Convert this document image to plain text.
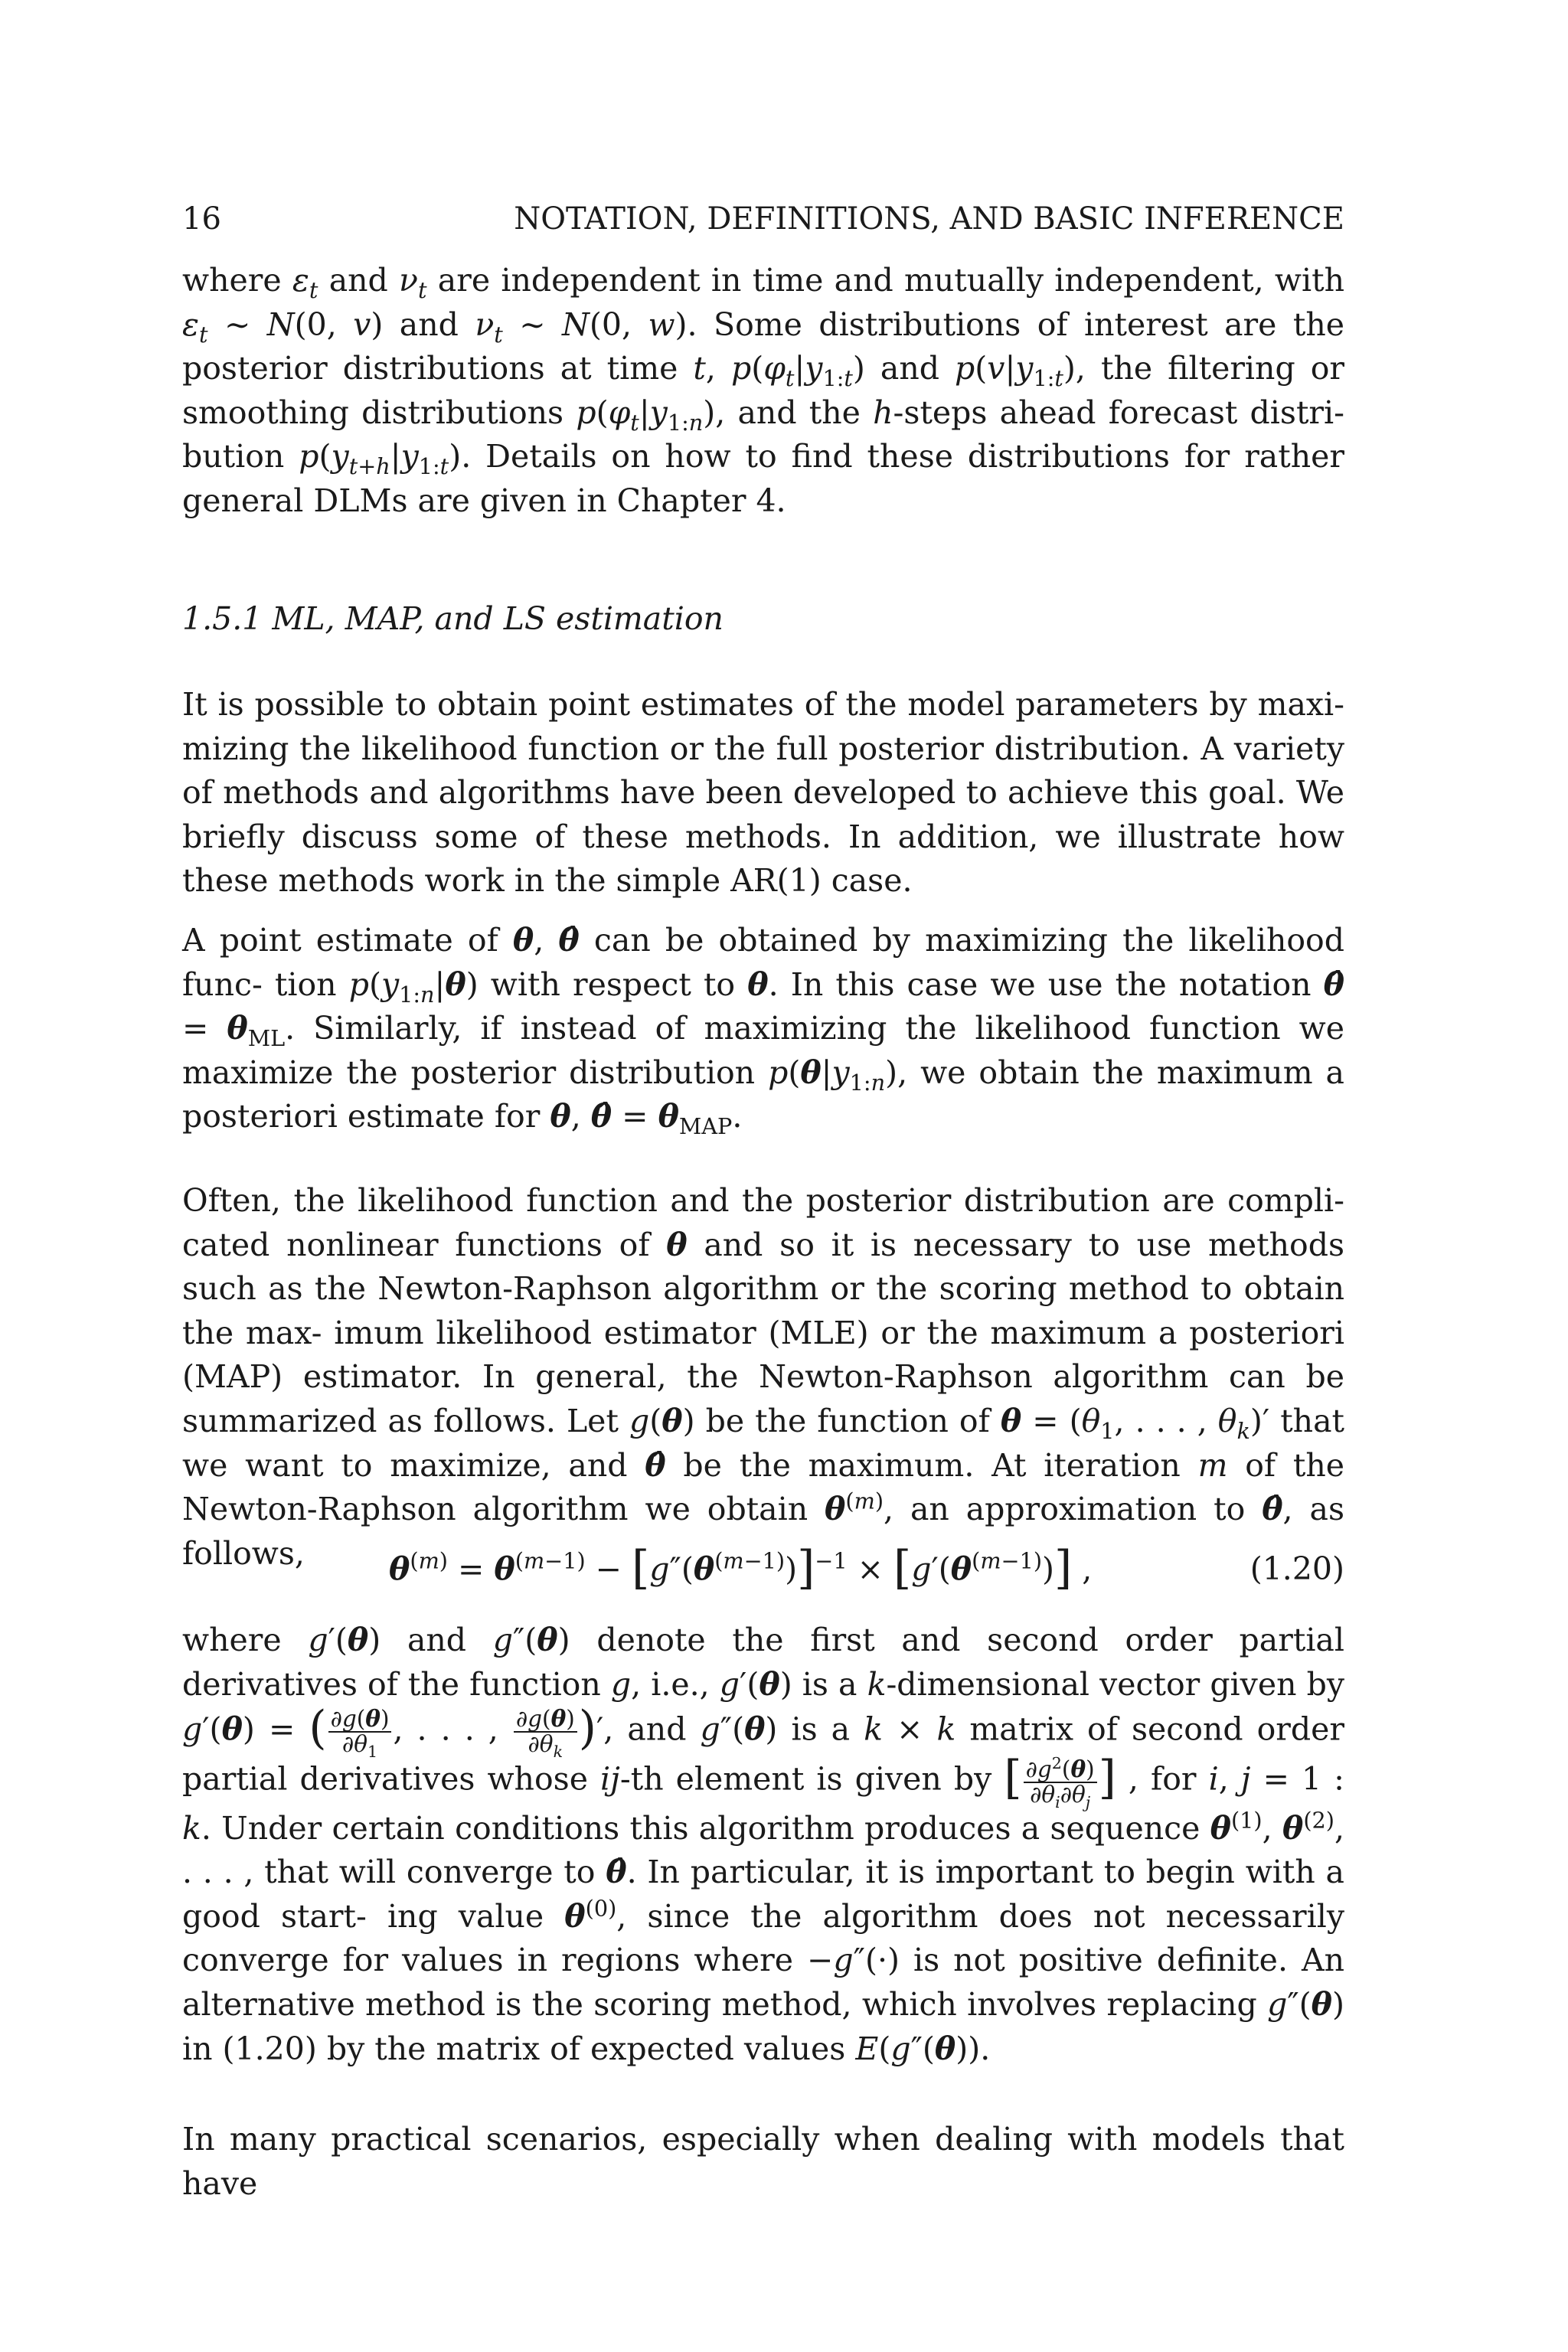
16	NOTATION, DEFINITIONS, AND BASIC INFERENCE
where $\varepsilon_t$ and $\nu_t$ are independent in time and mutually independent, with $\varepsilon_t$ ∼ N(0, v) and $\nu_t$ ∼ N(0, w). Some distributions of interest are the posterior distributions at time t, $p(\varphi_t|y_{1:t})$ and $p(v|y_{1:t})$, the filtering or smoothing distributions $p(\varphi_t|y_{1:n})$, and the h-steps ahead forecast distri- bution $p(y_{t+h}|y_{1:t})$. Details on how to find these distributions for rather general DLMs are given in Chapter 4.
1.5.1 ML, MAP, and LS estimation
It is possible to obtain point estimates of the model parameters by maxi- mizing the likelihood function or the full posterior distribution. A variety of methods and algorithms have been developed to achieve this goal. We briefly discuss some of these methods. In addition, we illustrate how these methods work in the simple AR(1) case.
A point estimate of θ, θ̂ can be obtained by maximizing the likelihood func- tion $p(y_{1:n}|\theta)$ with respect to θ. In this case we use the notation θ̂ = $\theta_{ML}$. Similarly, if instead of maximizing the likelihood function we maximize the posterior distribution $p(\theta|y_{1:n})$, we obtain the maximum a posteriori estimate for θ, θ̂ = $\theta_{MAP}$.
Often, the likelihood function and the posterior distribution are compli- cated nonlinear functions of θ and so it is necessary to use methods such as the Newton-Raphson algorithm or the scoring method to obtain the max- imum likelihood estimator (MLE) or the maximum a posteriori (MAP) estimator. In general, the Newton-Raphson algorithm can be summarized as follows. Let g(θ) be the function of $\theta = (\theta_1$, . . . , $\theta_k)'$ that we want to maximize, and θ̂ be the maximum. At iteration m of the Newton-Raphson algorithm we obtain $\theta^{(m)}$, an approximation to θ̂, as follows,	$\theta^{(m)} = \theta^{(m-1)} - [g''(\theta^{(m-1)})]^{-1} \times [g'(\theta^{(m-1)})]$ ,	(1.20)
where g′(θ) and g″(θ) denote the first and second order partial derivatives of the function g, i.e., g′(θ) is a k-dimensional vector given by g′(θ) = ( $\frac{\partial g(\theta)}{\partial\theta_1}$ , . . . , $\frac{\partial g(\theta)}{\partial\theta_k}$ )′, and g″(θ) is a k × k matrix of second order partial derivatives whose ij-th element is given by [ $\frac{\partial g^2(\theta)}{\partial\theta_i\partial\theta_j}$ ] , for i, j = 1 : k. Under certain conditions this algorithm produces a sequence $\theta^{(1)}$, $\theta^{(2)}$, . . . , that will converge to θ̂. In particular, it is important to begin with a good start- ing value $\theta^{(0)}$, since the algorithm does not necessarily converge for values in regions where −g″(·) is not positive definite. An alternative method is the scoring method, which involves replacing g″(θ) in (1.20) by the matrix of expected values E(g″(θ)).
In many practical scenarios, especially when dealing with models that have
